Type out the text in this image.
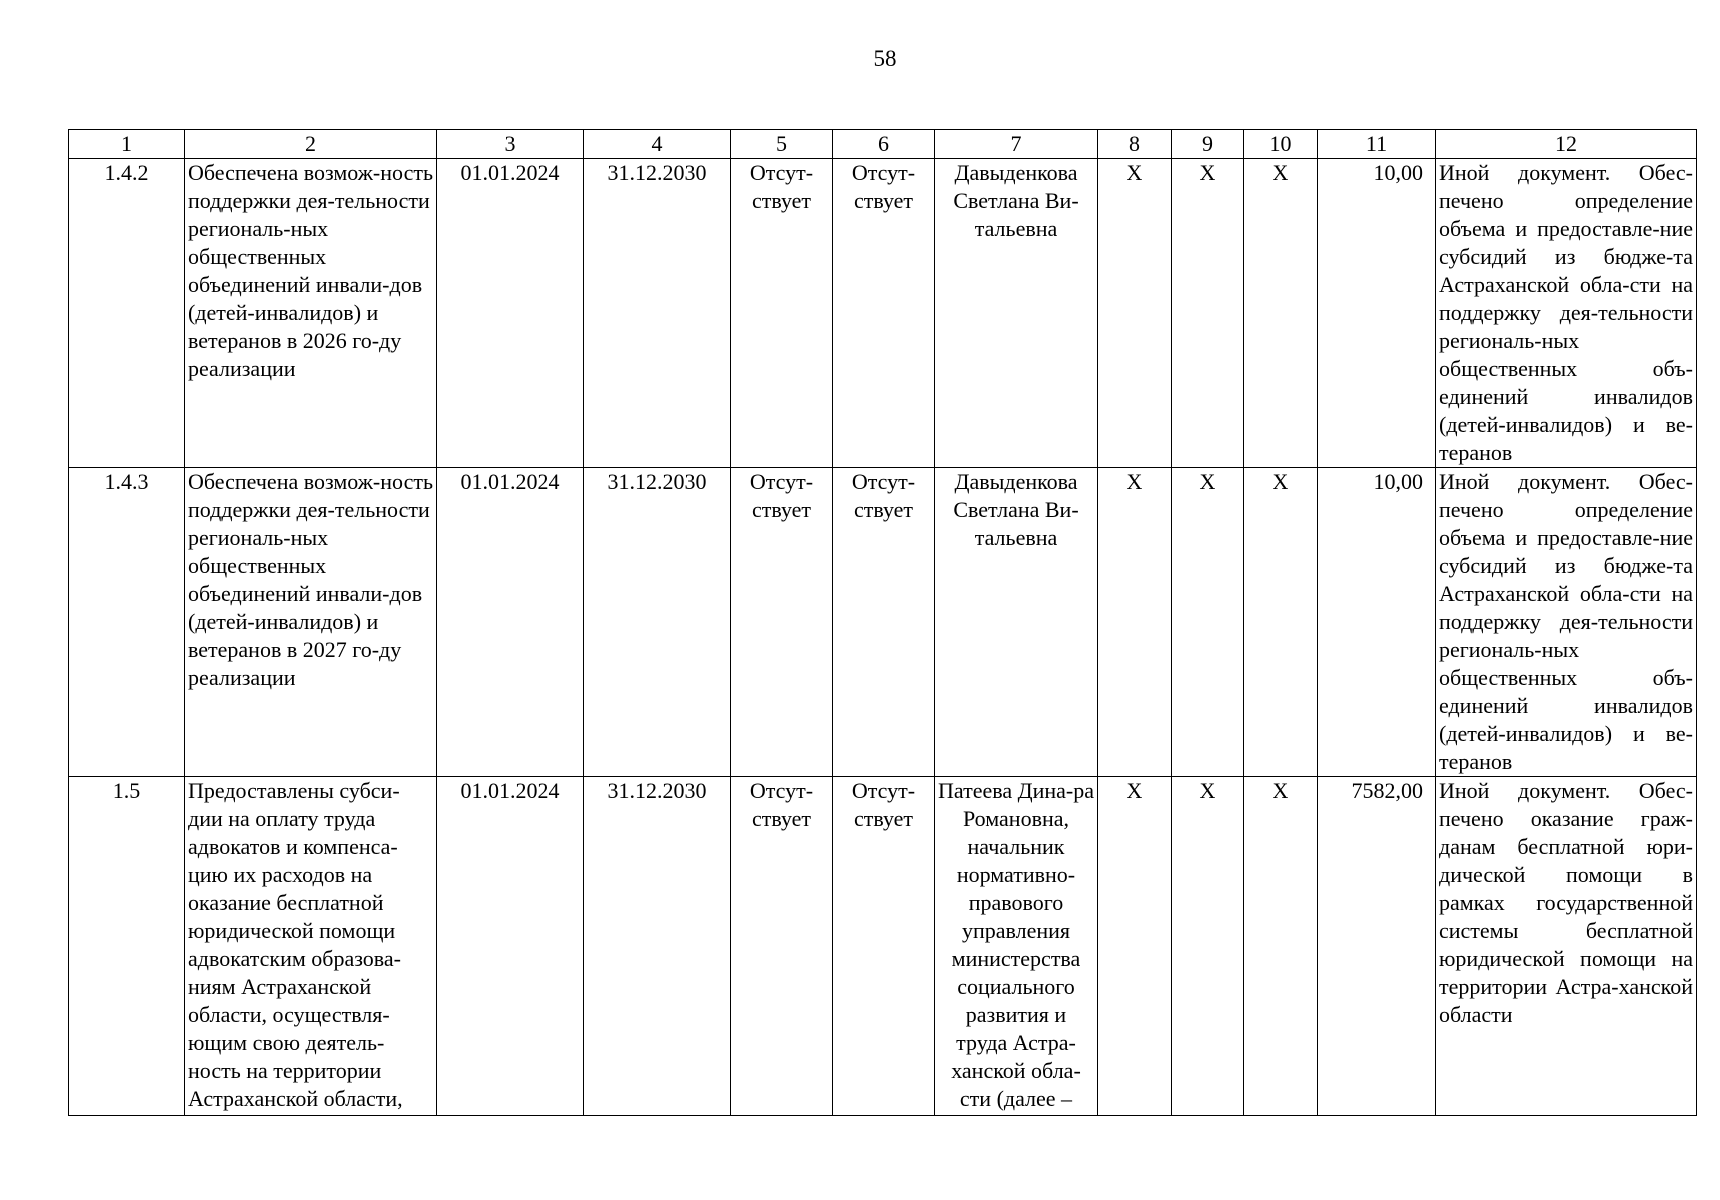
58
1	2	3	4	5	6	7	8	9	10	11	12
1.4.2	Обеспечена возмож-ность поддержки дея-тельности региональ-ных общественных объединений инвали-дов (детей-инвалидов) и ветеранов в 2026 го-ду реализации	01.01.2024	31.12.2030	Отсут-ствует	Отсут-ствует	Давыденкова Светлана Ви-тальевна	X	X	X	10,00	Иной документ. Обес-печено определение объема и предоставле-ние субсидий из бюдже-та Астраханской обла-сти на поддержку дея-тельности региональ-ных общественных объ-единений инвалидов (детей-инвалидов) и ве-теранов
1.4.3	Обеспечена возмож-ность поддержки дея-тельности региональ-ных общественных объединений инвали-дов (детей-инвалидов) и ветеранов в 2027 го-ду реализации	01.01.2024	31.12.2030	Отсут-ствует	Отсут-ствует	Давыденкова Светлана Ви-тальевна	X	X	X	10,00	Иной документ. Обес-печено определение объема и предоставле-ние субсидий из бюдже-та Астраханской обла-сти на поддержку дея-тельности региональ-ных общественных объ-единений инвалидов (детей-инвалидов) и ве-теранов
1.5	Предоставлены субси-дии на оплату труда адвокатов и компенса-цию их расходов на оказание бесплатной юридической помощи адвокатским образова-ниям Астраханской области, осуществля-ющим свою деятель-ность на территории Астраханской области,	01.01.2024	31.12.2030	Отсут-ствует	Отсут-ствует	Патеева Дина-ра Романовна, начальник нормативно-правового управления министерства социального развития и труда Астра-ханской обла-сти (далее –	X	X	X	7582,00	Иной документ. Обес-печено оказание граж-данам бесплатной юри-дической помощи в рамках государственной системы бесплатной юридической помощи на территории Астра-ханской области
